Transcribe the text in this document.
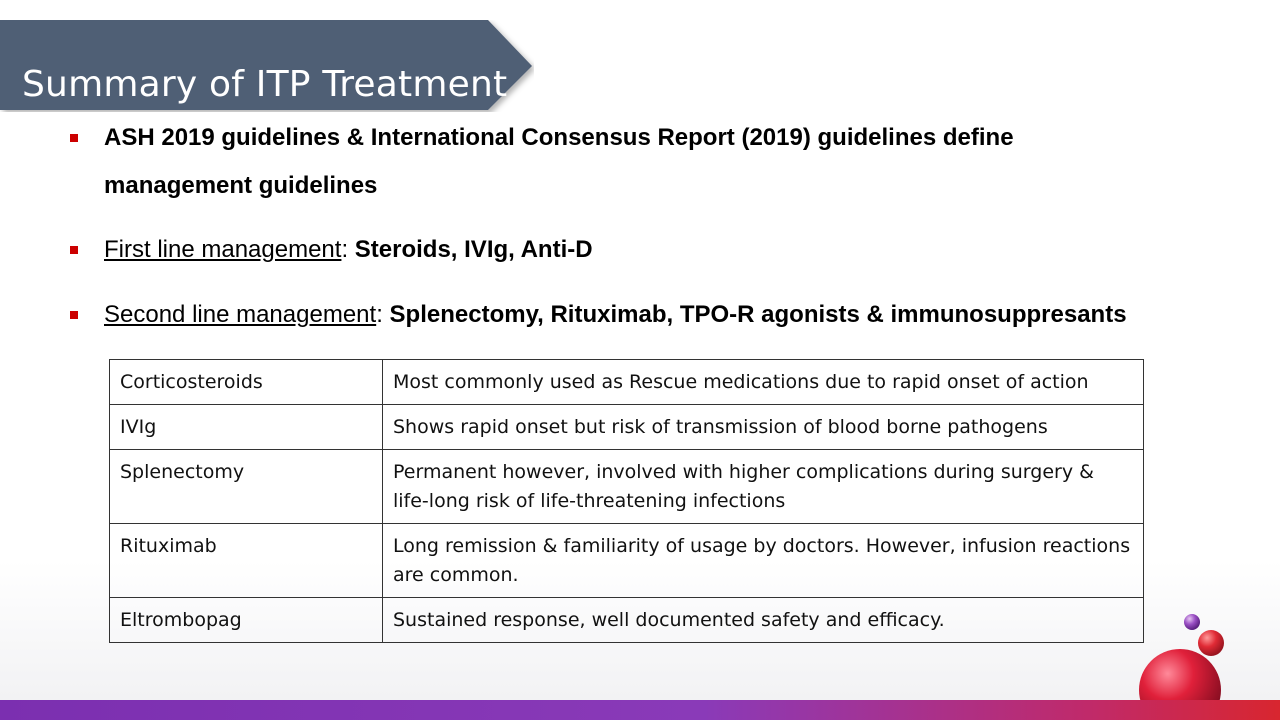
Summary of ITP Treatment
ASH 2019 guidelines & International Consensus Report (2019) guidelines define
management guidelines
First line management: Steroids, IVIg, Anti-D
Second line management: Splenectomy, Rituximab, TPO-R agonists & immunosuppresants
Corticosteroids	Most commonly used as Rescue medications due to rapid onset of action
IVIg	Shows rapid onset but risk of transmission of blood borne pathogens
Splenectomy	Permanent however, involved with higher complications during surgery & life-long risk of life-threatening infections
Rituximab	Long remission & familiarity of usage by doctors. However, infusion reactions are common.
Eltrombopag	Sustained response, well documented safety and efficacy.
